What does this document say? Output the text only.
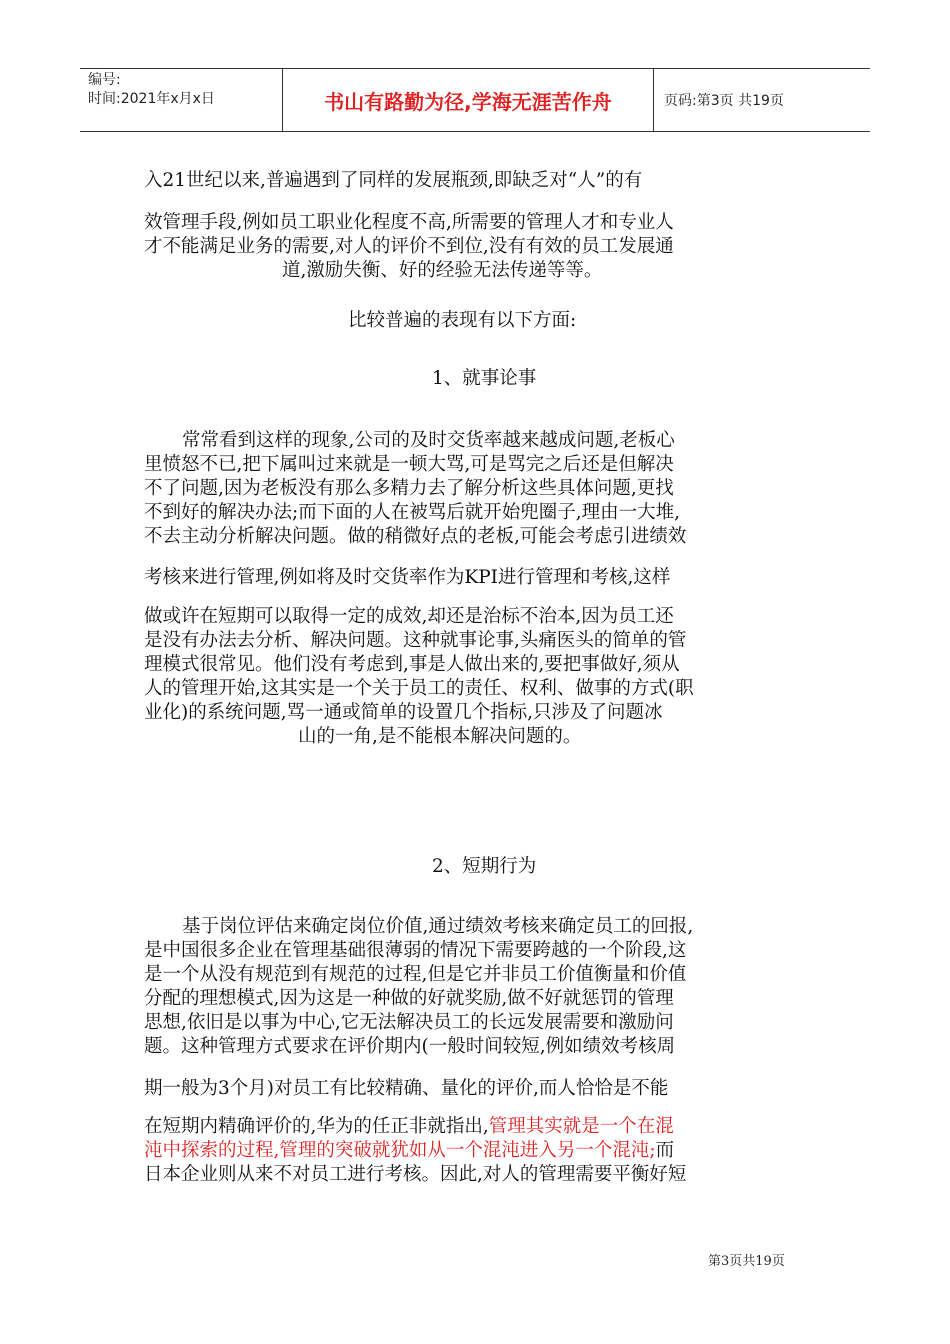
编号:
时间:2021年x月x日	书山有路勤为径,学海无涯苦作舟	页码:第3页 共19页
入21世纪以来,普遍遇到了同样的发展瓶颈,即缺乏对“人”的有
效管理手段,例如员工职业化程度不高,所需要的管理人才和专业人
才不能满足业务的需要,对人的评价不到位,没有有效的员工发展通
道,激励失衡、好的经验无法传递等等。
比较普遍的表现有以下方面:
1、就事论事
常常看到这样的现象,公司的及时交货率越来越成问题,老板心
里愤怒不已,把下属叫过来就是一顿大骂,可是骂完之后还是但解决
不了问题,因为老板没有那么多精力去了解分析这些具体问题,更找
不到好的解决办法;而下面的人在被骂后就开始兜圈子,理由一大堆,
不去主动分析解决问题。做的稍微好点的老板,可能会考虑引进绩效
考核来进行管理,例如将及时交货率作为KPI进行管理和考核,这样
做或许在短期可以取得一定的成效,却还是治标不治本,因为员工还
是没有办法去分析、解决问题。这种就事论事,头痛医头的简单的管
理模式很常见。他们没有考虑到,事是人做出来的,要把事做好,须从
人的管理开始,这其实是一个关于员工的责任、权利、做事的方式(职
业化)的系统问题,骂一通或简单的设置几个指标,只涉及了问题冰
山的一角,是不能根本解决问题的。
2、短期行为
基于岗位评估来确定岗位价值,通过绩效考核来确定员工的回报,
是中国很多企业在管理基础很薄弱的情况下需要跨越的一个阶段,这
是一个从没有规范到有规范的过程,但是它并非员工价值衡量和价值
分配的理想模式,因为这是一种做的好就奖励,做不好就惩罚的管理
思想,依旧是以事为中心,它无法解决员工的长远发展需要和激励问
题。这种管理方式要求在评价期内(一般时间较短,例如绩效考核周
期一般为3个月)对员工有比较精确、量化的评价,而人恰恰是不能
在短期内精确评价的,华为的任正非就指出,管理其实就是一个在混
沌中探索的过程,管理的突破就犹如从一个混沌进入另一个混沌;而
日本企业则从来不对员工进行考核。因此,对人的管理需要平衡好短
第3页共19页
